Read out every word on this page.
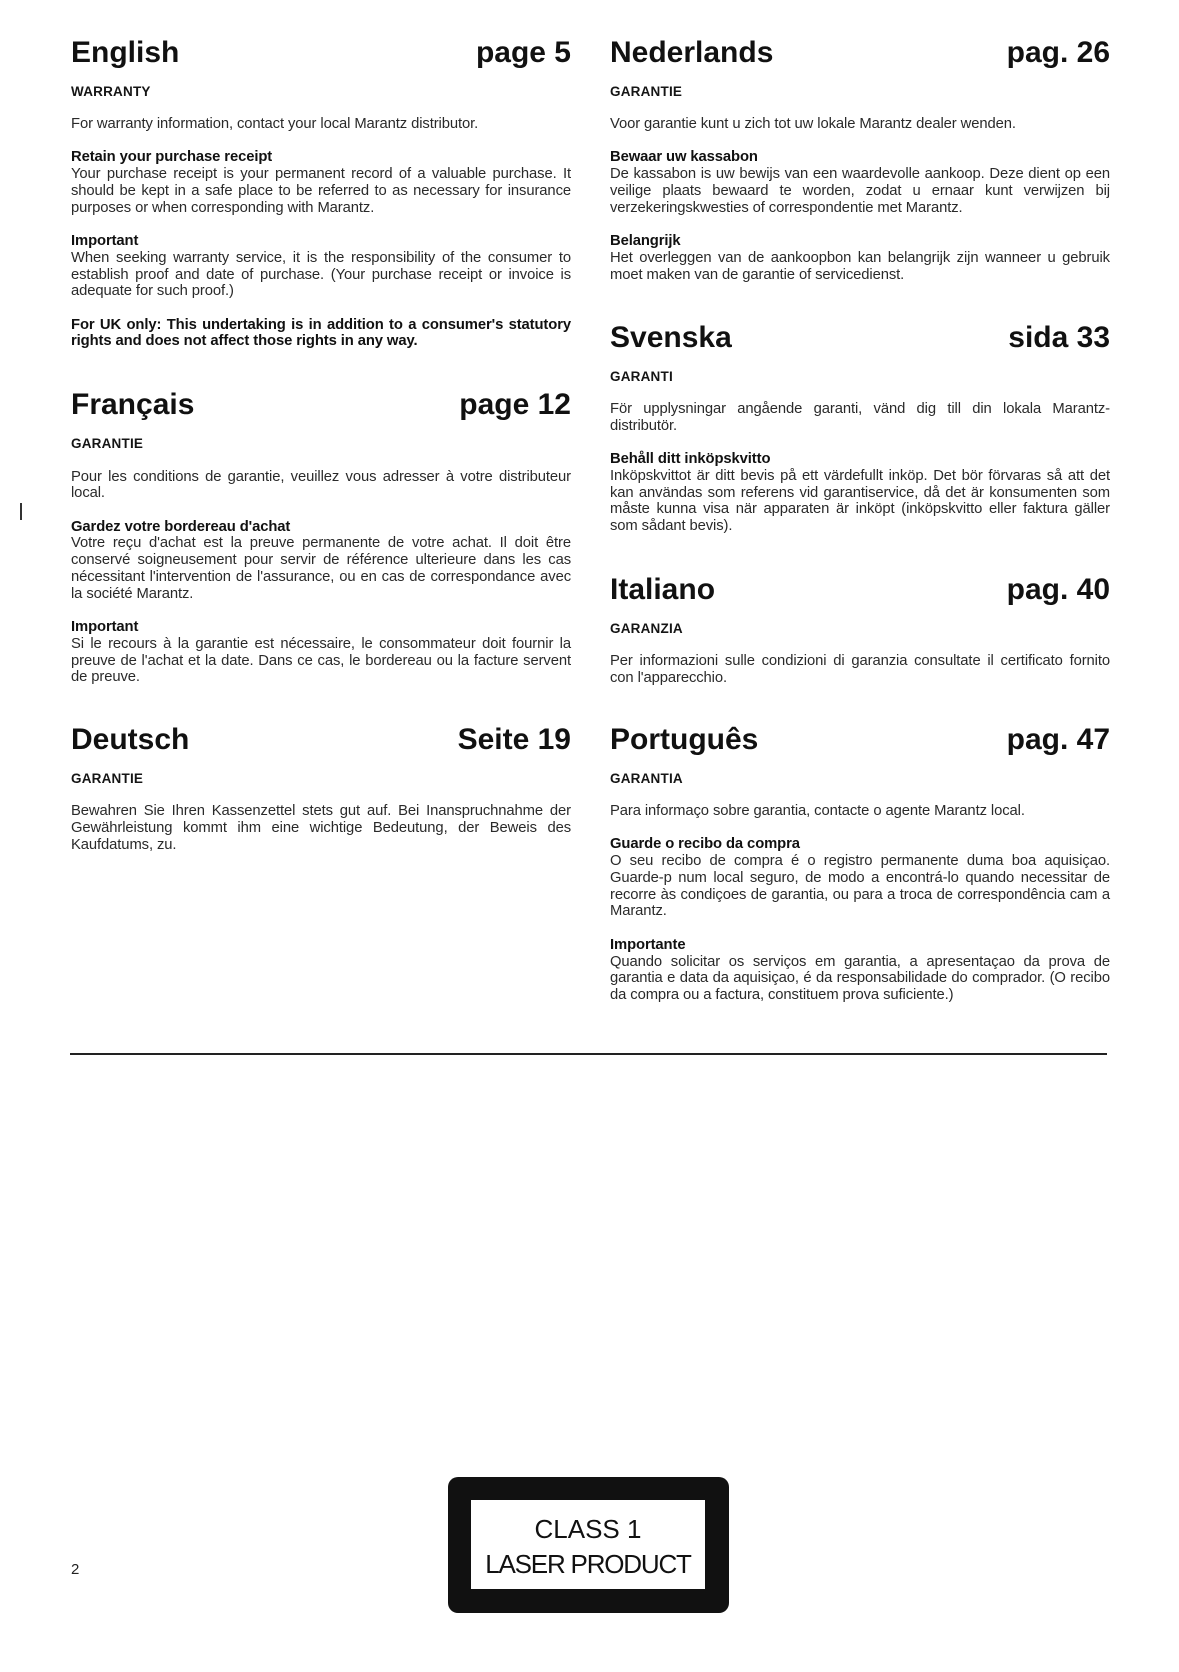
English	page 5
WARRANTY
For warranty information, contact your local Marantz distributor.
Retain your purchase receipt
Your purchase receipt is your permanent record of a valuable purchase. It should be kept in a safe place to be referred to as necessary for insurance purposes or when corresponding with Marantz.
Important
When seeking warranty service, it is the responsibility of the consumer to establish proof and date of purchase. (Your purchase receipt or invoice is adequate for such proof.)
For UK only: This undertaking is in addition to a consumer's statutory rights and does not affect those rights in any way.
Français	page 12
GARANTIE
Pour les conditions de garantie, veuillez vous adresser à votre distributeur local.
Gardez votre bordereau d'achat
Votre reçu d'achat est la preuve permanente de votre achat. Il doit être conservé soigneusement pour servir de référence ulterieure dans les cas nécessitant l'intervention de l'assurance, ou en cas de correspondance avec la société Marantz.
Important
Si le recours à la garantie est nécessaire, le consommateur doit fournir la preuve de l'achat et la date. Dans ce cas, le bordereau ou la facture servent de preuve.
Deutsch	Seite 19
GARANTIE
Bewahren Sie Ihren Kassenzettel stets gut auf. Bei Inanspruchnahme der Gewährleistung kommt ihm eine wichtige Bedeutung, der Beweis des Kaufdatums, zu.
Nederlands	pag. 26
GARANTIE
Voor garantie kunt u zich tot uw lokale Marantz dealer wenden.
Bewaar uw kassabon
De kassabon is uw bewijs van een waardevolle aankoop. Deze dient op een veilige plaats bewaard te worden, zodat u ernaar kunt verwijzen bij verzekeringskwesties of correspondentie met Marantz.
Belangrijk
Het overleggen van de aankoopbon kan belangrijk zijn wanneer u gebruik moet maken van de garantie of servicedienst.
Svenska	sida 33
GARANTI
För upplysningar angående garanti, vänd dig till din lokala Marantz-distributör.
Behåll ditt inköpskvitto
Inköpskvittot är ditt bevis på ett värdefullt inköp. Det bör förvaras så att det kan användas som referens vid garantiservice, då det är konsumenten som måste kunna visa när apparaten är inköpt (inköpskvitto eller faktura gäller som sådant bevis).
Italiano	pag. 40
GARANZIA
Per informazioni sulle condizioni di garanzia consultate il certificato fornito con l'apparecchio.
Português	pag. 47
GARANTIA
Para informaço sobre garantia, contacte o agente Marantz local.
Guarde o recibo da compra
O seu recibo de compra é o registro permanente duma boa aquisiçao. Guarde-p num local seguro, de modo a encontrá-lo quando necessitar de recorre às condiçoes de garantia, ou para a troca de correspondência cam a Marantz.
Importante
Quando solicitar os serviços em garantia, a apresentaçao da prova de garantia e data da aquisiçao, é da responsabilidade do comprador. (O recibo da compra ou a factura, constituem prova suficiente.)
CLASS 1
LASER PRODUCT
2
